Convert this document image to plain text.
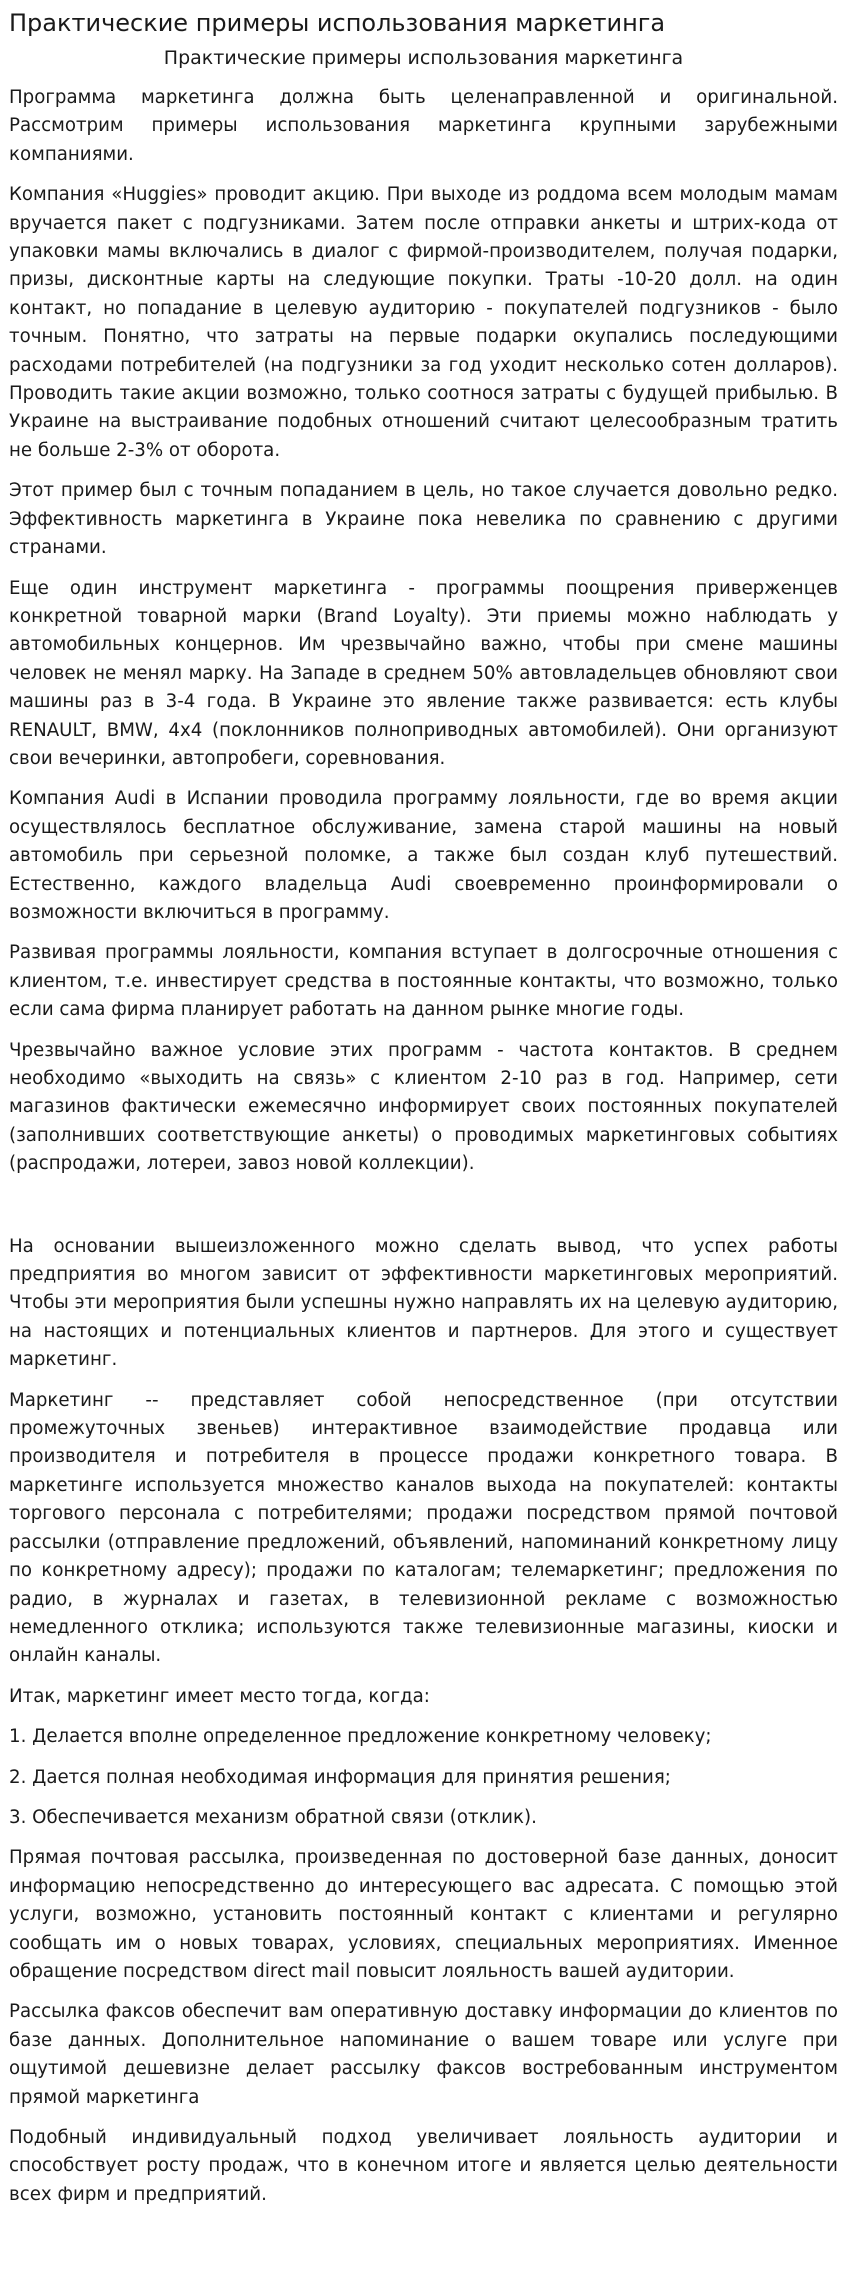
Практические примеры использования маркетинга
Практические примеры использования маркетинга

Программа маркетинга должна быть целенаправленной и оригинальной. Рассмотрим примеры использования маркетинга крупными зарубежными компаниями.

Компания «Huggies» проводит акцию. При выходе из роддома всем молодым мамам вручается пакет с подгузниками. Затем после отправки анкеты и штрих-кода от упаковки мамы включались в диалог с фирмой-производителем, получая подарки, призы, дисконтные карты на следующие покупки. Траты -10-20 долл. на один контакт, но попадание в целевую аудиторию - покупателей подгузников - было точным. Понятно, что затраты на первые подарки окупались последующими расходами потребителей (на подгузники за год уходит несколько сотен долларов). Проводить такие акции возможно, только соотнося затраты с будущей прибылью. В Украине на выстраивание подобных отношений считают целесообразным тратить не больше 2-3% от оборота.

Этот пример был с точным попаданием в цель, но такое случается довольно редко. Эффективность маркетинга в Украине пока невелика по сравнению с другими странами.

Еще один инструмент маркетинга - программы поощрения приверженцев конкретной товарной марки (Brand Loyalty). Эти приемы можно наблюдать у автомобильных концернов. Им чрезвычайно важно, чтобы при смене машины человек не менял марку. На Западе в среднем 50% автовладельцев обновляют свои машины раз в 3-4 года. В Украине это явление также развивается: есть клубы RENAULT, BMW, 4x4 (поклонников полноприводных автомобилей). Они организуют свои вечеринки, автопробеги, соревнования.

Компания Audi в Испании проводила программу лояльности, где во время акции осуществлялось бесплатное обслуживание, замена старой машины на новый автомобиль при серьезной поломке, а также был создан клуб путешествий. Естественно, каждого владельца Audi своевременно проинформировали о возможности включиться в программу.

Развивая программы лояльности, компания вступает в долгосрочные отношения с клиентом, т.е. инвестирует средства в постоянные контакты, что возможно, только если сама фирма планирует работать на данном рынке многие годы.

Чрезвычайно важное условие этих программ - частота контактов. В среднем необходимо «выходить на связь» с клиентом 2-10 раз в год. Например, сети магазинов фактически ежемесячно информирует своих постоянных покупателей (заполнивших соответствующие анкеты) о проводимых маркетинговых событиях (распродажи, лотереи, завоз новой коллекции).

На основании вышеизложенного можно сделать вывод, что успех работы предприятия во многом зависит от эффективности маркетинговых мероприятий. Чтобы эти мероприятия были успешны нужно направлять их на целевую аудиторию, на настоящих и потенциальных клиентов и партнеров. Для этого и существует маркетинг.

Маркетинг -- представляет собой непосредственное (при отсутствии промежуточных звеньев) интерактивное взаимодействие продавца или производителя и потребителя в процессе продажи конкретного товара. В маркетинге используется множество каналов выхода на покупателей: контакты торгового персонала с потребителями; продажи посредством прямой почтовой рассылки (отправление предложений, объявлений, напоминаний конкретному лицу по конкретному адресу); продажи по каталогам; телемаркетинг; предложения по радио, в журналах и газетах, в телевизионной рекламе с возможностью немедленного отклика; используются также телевизионные магазины, киоски и онлайн каналы.

Итак, маркетинг имеет место тогда, когда:

1. Делается вполне определенное предложение конкретному человеку;

2. Дается полная необходимая информация для принятия решения;

3. Обеспечивается механизм обратной связи (отклик).

Прямая почтовая рассылка, произведенная по достоверной базе данных, доносит информацию непосредственно до интересующего вас адресата. С помощью этой услуги, возможно, установить постоянный контакт с клиентами и регулярно сообщать им о новых товарах, условиях, специальных мероприятиях. Именное обращение посредством direct mail повысит лояльность вашей аудитории.

Рассылка факсов обеспечит вам оперативную доставку информации до клиентов по базе данных. Дополнительное напоминание о вашем товаре или услуге при ощутимой дешевизне делает рассылку факсов востребованным инструментом прямой маркетинга

Подобный индивидуальный подход увеличивает лояльность аудитории и способствует росту продаж, что в конечном итоге и является целью деятельности всех фирм и предприятий.
